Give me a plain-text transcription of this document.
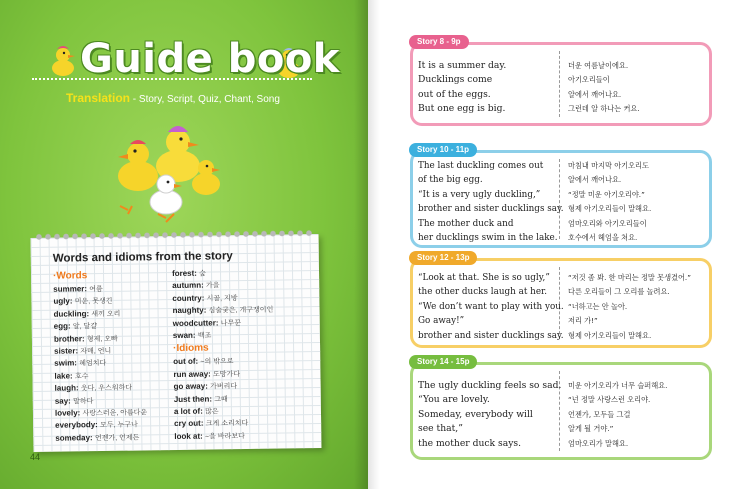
Guide book
Translation - Story, Script, Quiz, Chant, Song
Words and idioms from the story
·Words
summer: 여름
ugly: 미운, 못생긴
duckling: 새끼 오리
egg: 알, 달걀
brother: 형제, 오빠
sister: 자매, 언니
swim: 헤엄치다
lake: 호수
laugh: 웃다, 우스워하다
say: 말하다
lovely: 사랑스러운, 아름다운
everybody: 모두, 누구나
someday: 언젠가, 언제든
forest: 숲
autumn: 가을
country: 시골, 지방
naughty: 심술궂은, 개구쟁이인
woodcutter: 나무꾼
swan: 백조
·Idioms
out of: ~의 밖으로
run away: 도망가다
go away: 가버리다
Just then: 그때
a lot of: 많은
cry out: 크게 소리치다
look at: ~을 바라보다
44
Story 8 - 9p
It is a summer day.
Ducklings come
out of the eggs.
But one egg is big.
더운 여름날이에요.
아기오리들이
알에서 깨어나요.
그런데 알 하나는 커요.
Story 10 - 11p
The last duckling comes out
of the big egg.
“It is a very ugly duckling,”
brother and sister ducklings say.
The mother duck and
her ducklings swim in the lake.
마침내 마지막 아기오리도
알에서 깨어나요.
“정말 미운 아기오리야.”
형제 아기오리들이 말해요.
엄마오리와 아기오리들이
호수에서 헤엄을 쳐요.
Story 12 - 13p
“Look at that. She is so ugly,”
the other ducks laugh at her.
“We don’t want to play with you.
Go away!”
brother and sister ducklings say.
“저것 좀 봐. 한 마리는 정말 못생겼어.”
다른 오리들이 그 오리를 놀려요.
“너하고는 안 놀아.
저리 가!”
형제 아기오리들이 말해요.
Story 14 - 15p
The ugly duckling feels so sad.
“You are lovely.
Someday, everybody will
see that,”
the mother duck says.
미운 아기오리가 너무 슬퍼해요.
“넌 정말 사랑스런 오리야.
언젠가, 모두들 그걸
알게 될 거야.”
엄마오리가 말해요.
